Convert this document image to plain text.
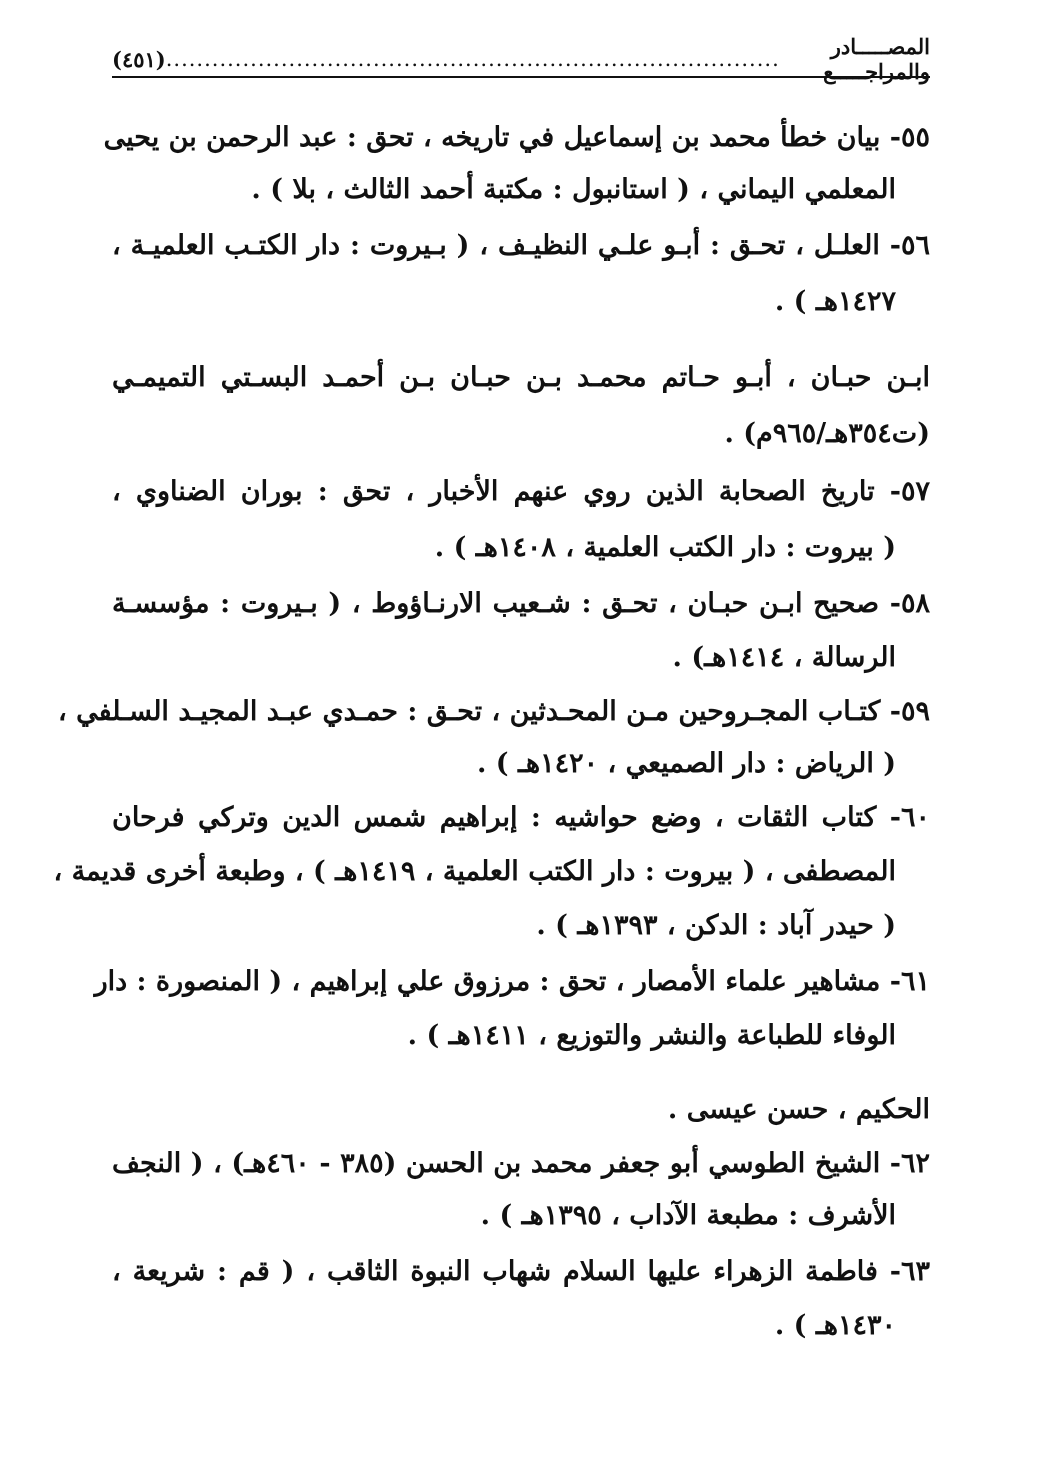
المصـــــادر والمراجـــــع
................................................................................
(٤٥١)
٥٥- بيان خطأ محمد بن إسماعيل في تاريخه ، تحق : عبد الرحمن بن يحيى
المعلمي اليماني ، ( استانبول : مكتبة أحمد الثالث ، بلا ) .
٥٦- العلـل ، تحـق : أبـو علـي النظيـف ، ( بـيروت : دار الكتـب العلميـة ،
١٤٢٧هـ ) .
ابـن حبـان ، أبـو حـاتم محمـد بـن حبـان بـن أحمـد البسـتي التميمـي
(ت٣٥٤هـ/٩٦٥م) .
٥٧- تاريخ الصحابة الذين روي عنهم الأخبار ، تحق : بوران الضناوي ،
( بيروت : دار الكتب العلمية ، ١٤٠٨هـ ) .
٥٨- صحيح ابـن حبـان ، تحـق : شـعيب الارنـاؤوط ، ( بـيروت : مؤسسـة
الرسالة ، ١٤١٤هـ) .
٥٩- كتـاب المجـروحين مـن المحـدثين ، تحـق : حمـدي عبـد المجيـد السـلفي ،
( الرياض : دار الصميعي ، ١٤٢٠هـ ) .
٦٠- كتاب الثقات ، وضع حواشيه : إبراهيم شمس الدين وتركي فرحان
المصطفى ، ( بيروت : دار الكتب العلمية ، ١٤١٩هـ ) ، وطبعة أخرى قديمة ،
( حيدر آباد : الدكن ، ١٣٩٣هـ ) .
٦١- مشاهير علماء الأمصار ، تحق : مرزوق علي إبراهيم ، ( المنصورة : دار
الوفاء للطباعة والنشر والتوزيع ، ١٤١١هـ ) .
الحكيم ، حسن عيسى .
٦٢- الشيخ الطوسي أبو جعفر محمد بن الحسن (٣٨٥ - ٤٦٠هـ) ، ( النجف
الأشرف : مطبعة الآداب ، ١٣٩٥هـ ) .
٦٣- فاطمة الزهراء عليها السلام شهاب النبوة الثاقب ، ( قم : شريعة ،
١٤٣٠هـ ) .
